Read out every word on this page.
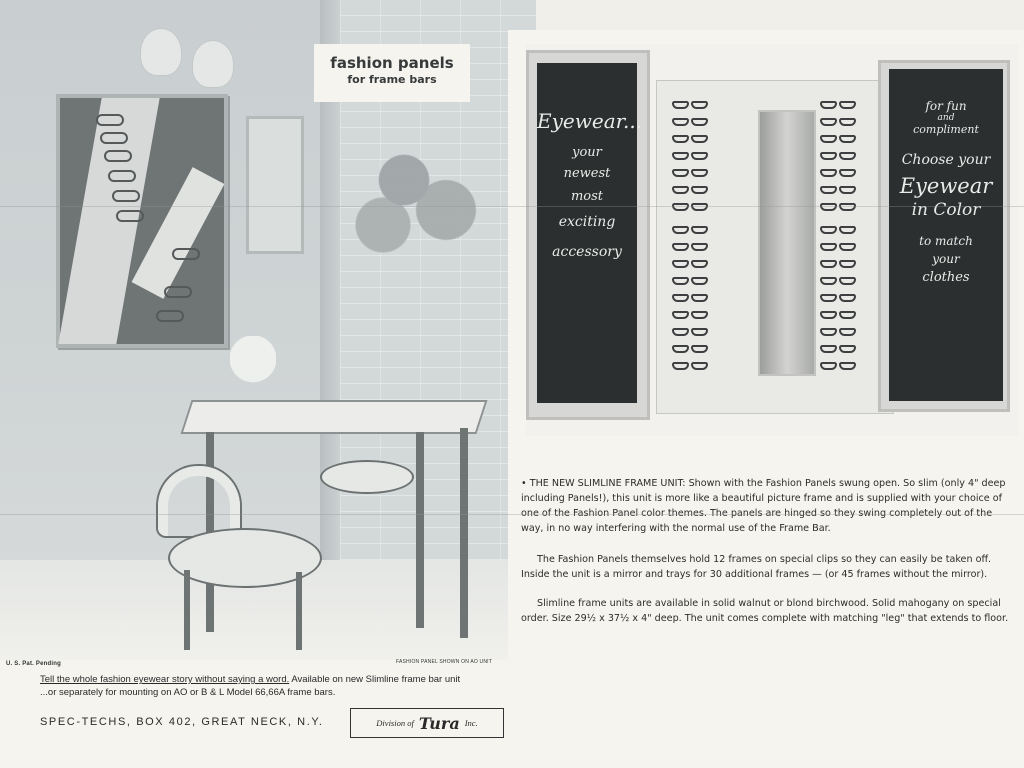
fashion panels
for frame bars
U. S. Pat. Pending	FASHION PANEL SHOWN ON AO UNIT
Tell the whole fashion eyewear story without saying a word. Available on new Slimline frame bar unit
...or separately for mounting on AO or B & L Model 66,66A frame bars.
SPEC-TECHS, BOX 402, GREAT NECK, N.Y.	Division of Tura Inc.
Eyewear...
your
newest
most
exciting
accessory
for fun
and
compliment
Choose your
Eyewear
in Color
to match
your
clothes
• THE NEW SLIMLINE FRAME UNIT: Shown with the Fashion Panels swung open. So slim (only 4" deep including Panels!), this unit is more like a beautiful picture frame and is supplied with your choice of one of the Fashion Panel color themes. The panels are hinged so they swing completely out of the way, in no way interfering with the normal use of the Frame Bar.
The Fashion Panels themselves hold 12 frames on special clips so they can easily be taken off. Inside the unit is a mirror and trays for 30 additional frames — (or 45 frames without the mirror).
Slimline frame units are available in solid walnut or blond birchwood. Solid mahogany on special order. Size 29½ x 37½ x 4" deep. The unit comes complete with matching "leg" that extends to floor.
